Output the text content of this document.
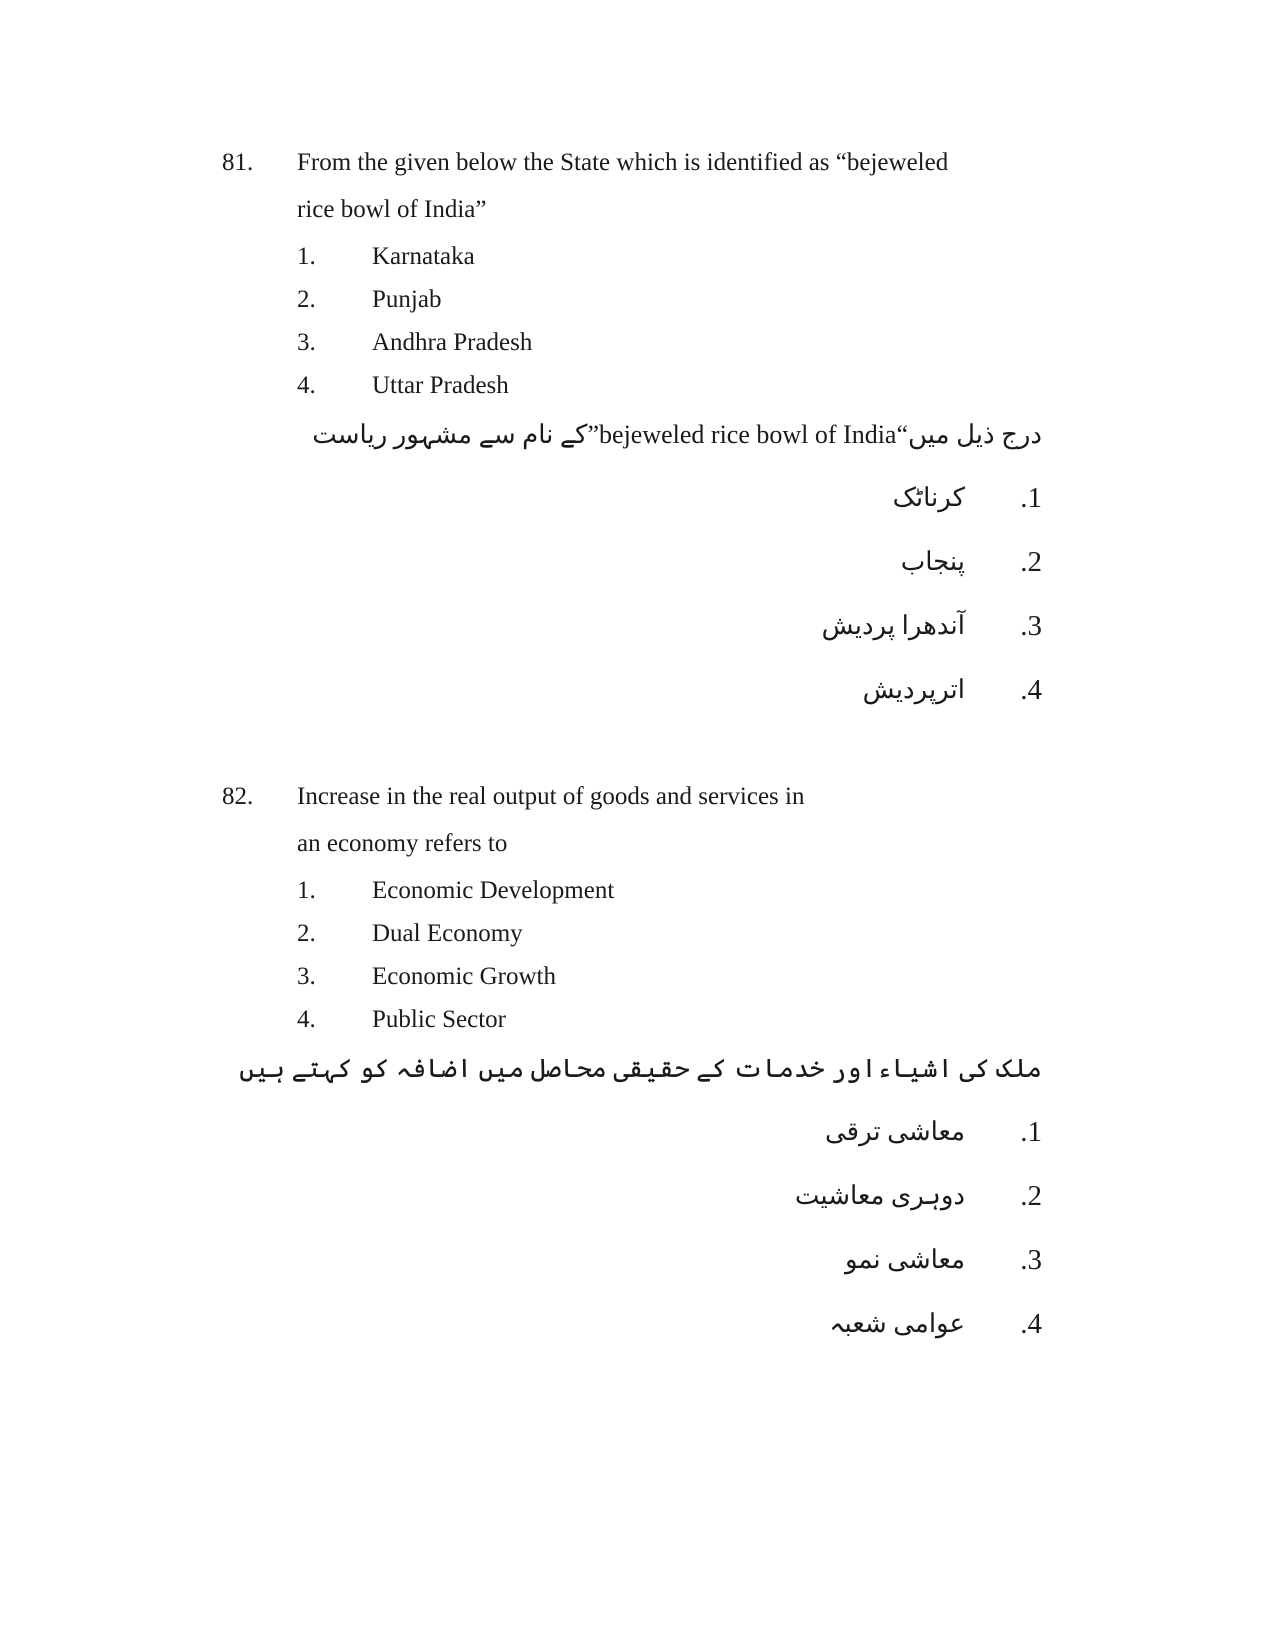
81. From the given below the State which is identified as “bejeweled
rice bowl of India”
1. Karnataka
2. Punjab
3. Andhra Pradesh
4. Uttar Pradesh
درج ذیل میں“bejeweled rice bowl of India”کے نام سے مشہور ریاست
.1
کرناٹک
.2
پنجاب
.3
آندھرا پردیش
.4
اترپردیش
82. Increase in the real output of goods and services in
an economy refers to
1. Economic Development
2. Dual Economy
3. Economic Growth
4. Public Sector
ملک کی اشیاءاور خدمات کے حقیقی محاصل میں اضافہ کو کہتے ہیں
.1
معاشی ترقی
.2
دوہری معاشیت
.3
معاشی نمو
.4
عوامی شعبہ
